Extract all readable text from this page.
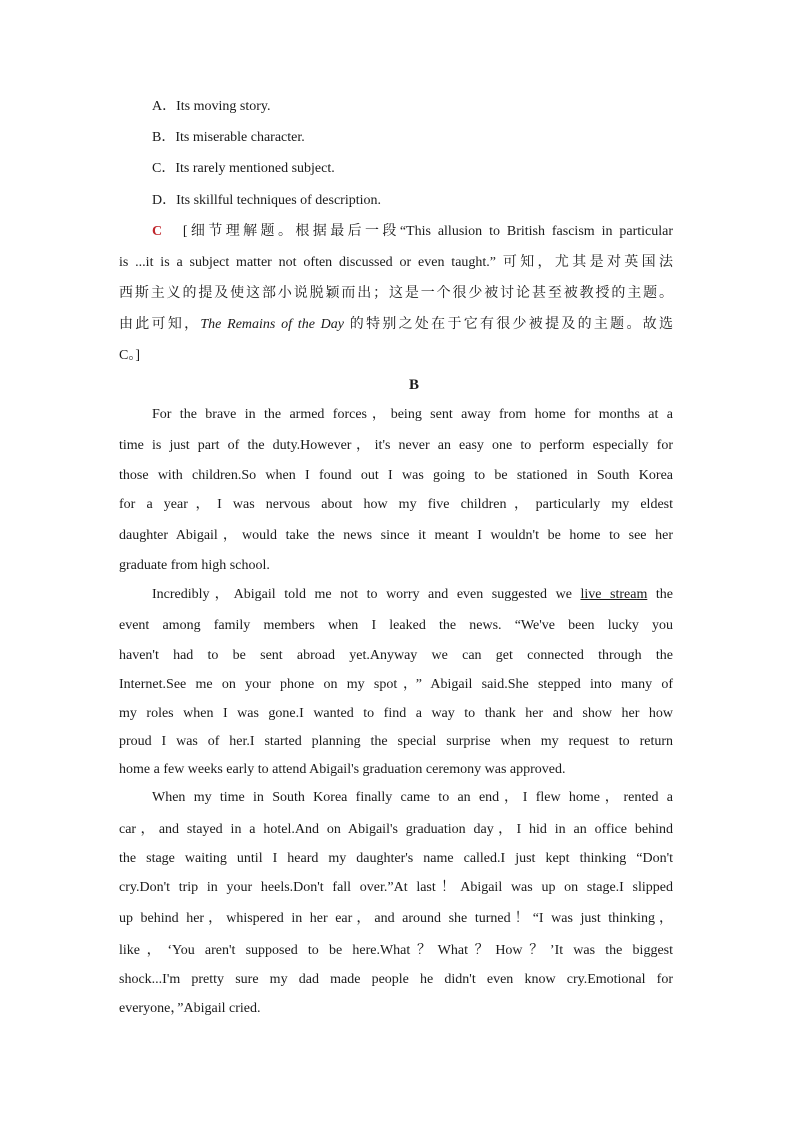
A．Its moving story.
B．Its miserable character.
C．Its rarely mentioned subject.
D．Its skillful techniques of description.
C [细节理解题。根据最后一段“This allusion to British fascism in particular
is ...it is a subject matter not often discussed or even taught.” 可知，尤其是对英国法
西斯主义的提及使这部小说脱颖而出；这是一个很少被讨论甚至被教授的主题。
由此可知，The Remains of the Day 的特别之处在于它有很少被提及的主题。故选
C。]
B
For the brave in the armed forces，being sent away from home for months at a
time is just part of the duty.However，it's never an easy one to perform especially for
those with children.So when I found out I was going to be stationed in South Korea
for a year，I was nervous about how my five children，particularly my eldest
daughter Abigail，would take the news since it meant I wouldn't be home to see her
graduate from high school.
Incredibly，Abigail told me not to worry and even suggested we live stream the
event among family members when I leaked the news. “We've been lucky you
haven't had to be sent abroad yet.Anyway we can get connected through the
Internet.See me on your phone on my spot，” Abigail said.She stepped into many of
my roles when I was gone.I wanted to find a way to thank her and show her how
proud I was of her.I started planning the special surprise when my request to return
home a few weeks early to attend Abigail's graduation ceremony was approved.
When my time in South Korea finally came to an end，I flew home，rented a
car，and stayed in a hotel.And on Abigail's graduation day，I hid in an office behind
the stage waiting until I heard my daughter's name called.I just kept thinking “Don't
cry.Don't trip in your heels.Don't fall over.”At last！Abigail was up on stage.I slipped
up behind her，whispered in her ear，and around she turned！“I was just thinking，
like，‘You aren't supposed to be here.What？What？How？’It was the biggest
shock...I'm pretty sure my dad made people he didn't even know cry.Emotional for
everyone，”Abigail cried.
